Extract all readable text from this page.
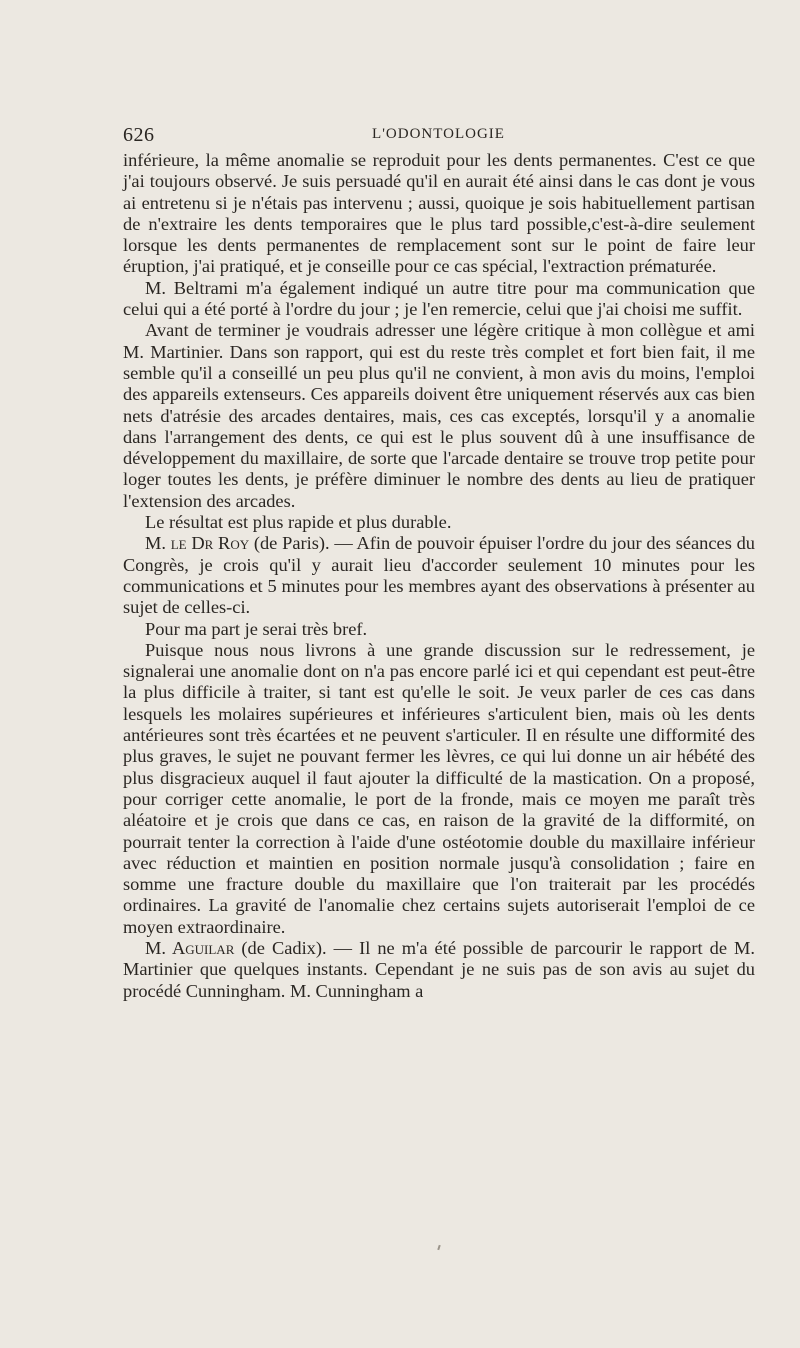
626	L'ODONTOLOGIE

inférieure, la même anomalie se reproduit pour les dents permanentes. C'est ce que j'ai toujours observé. Je suis persuadé qu'il en aurait été ainsi dans le cas dont je vous ai entretenu si je n'étais pas intervenu ; aussi, quoique je sois habituellement partisan de n'extraire les dents temporaires que le plus tard possible,c'est-à-dire seulement lorsque les dents permanentes de remplacement sont sur le point de faire leur éruption, j'ai pratiqué, et je conseille pour ce cas spécial, l'extraction prématurée.

M. Beltrami m'a également indiqué un autre titre pour ma communication que celui qui a été porté à l'ordre du jour ; je l'en remercie, celui que j'ai choisi me suffit.

Avant de terminer je voudrais adresser une légère critique à mon collègue et ami M. Martinier. Dans son rapport, qui est du reste très complet et fort bien fait, il me semble qu'il a conseillé un peu plus qu'il ne convient, à mon avis du moins, l'emploi des appareils extenseurs. Ces appareils doivent être uniquement réservés aux cas bien nets d'atrésie des arcades dentaires, mais, ces cas exceptés, lorsqu'il y a anomalie dans l'arrangement des dents, ce qui est le plus souvent dû à une insuffisance de développement du maxillaire, de sorte que l'arcade dentaire se trouve trop petite pour loger toutes les dents, je préfère diminuer le nombre des dents au lieu de pratiquer l'extension des arcades.

Le résultat est plus rapide et plus durable.

M. le Dr Roy (de Paris). — Afin de pouvoir épuiser l'ordre du jour des séances du Congrès, je crois qu'il y aurait lieu d'accorder seulement 10 minutes pour les communications et 5 minutes pour les membres ayant des observations à présenter au sujet de celles-ci.

Pour ma part je serai très bref.

Puisque nous nous livrons à une grande discussion sur le redressement, je signalerai une anomalie dont on n'a pas encore parlé ici et qui cependant est peut-être la plus difficile à traiter, si tant est qu'elle le soit. Je veux parler de ces cas dans lesquels les molaires supérieures et inférieures s'articulent bien, mais où les dents antérieures sont très écartées et ne peuvent s'articuler. Il en résulte une difformité des plus graves, le sujet ne pouvant fermer les lèvres, ce qui lui donne un air hébété des plus disgracieux auquel il faut ajouter la difficulté de la mastication. On a proposé, pour corriger cette anomalie, le port de la fronde, mais ce moyen me paraît très aléatoire et je crois que dans ce cas, en raison de la gravité de la difformité, on pourrait tenter la correction à l'aide d'une ostéotomie double du maxillaire inférieur avec réduction et maintien en position normale jusqu'à consolidation ; faire en somme une fracture double du maxillaire que l'on traiterait par les procédés ordinaires. La gravité de l'anomalie chez certains sujets autoriserait l'emploi de ce moyen extraordinaire.

M. Aguilar (de Cadix). — Il ne m'a été possible de parcourir le rapport de M. Martinier que quelques instants. Cependant je ne suis pas de son avis au sujet du procédé Cunningham. M. Cunningham a
